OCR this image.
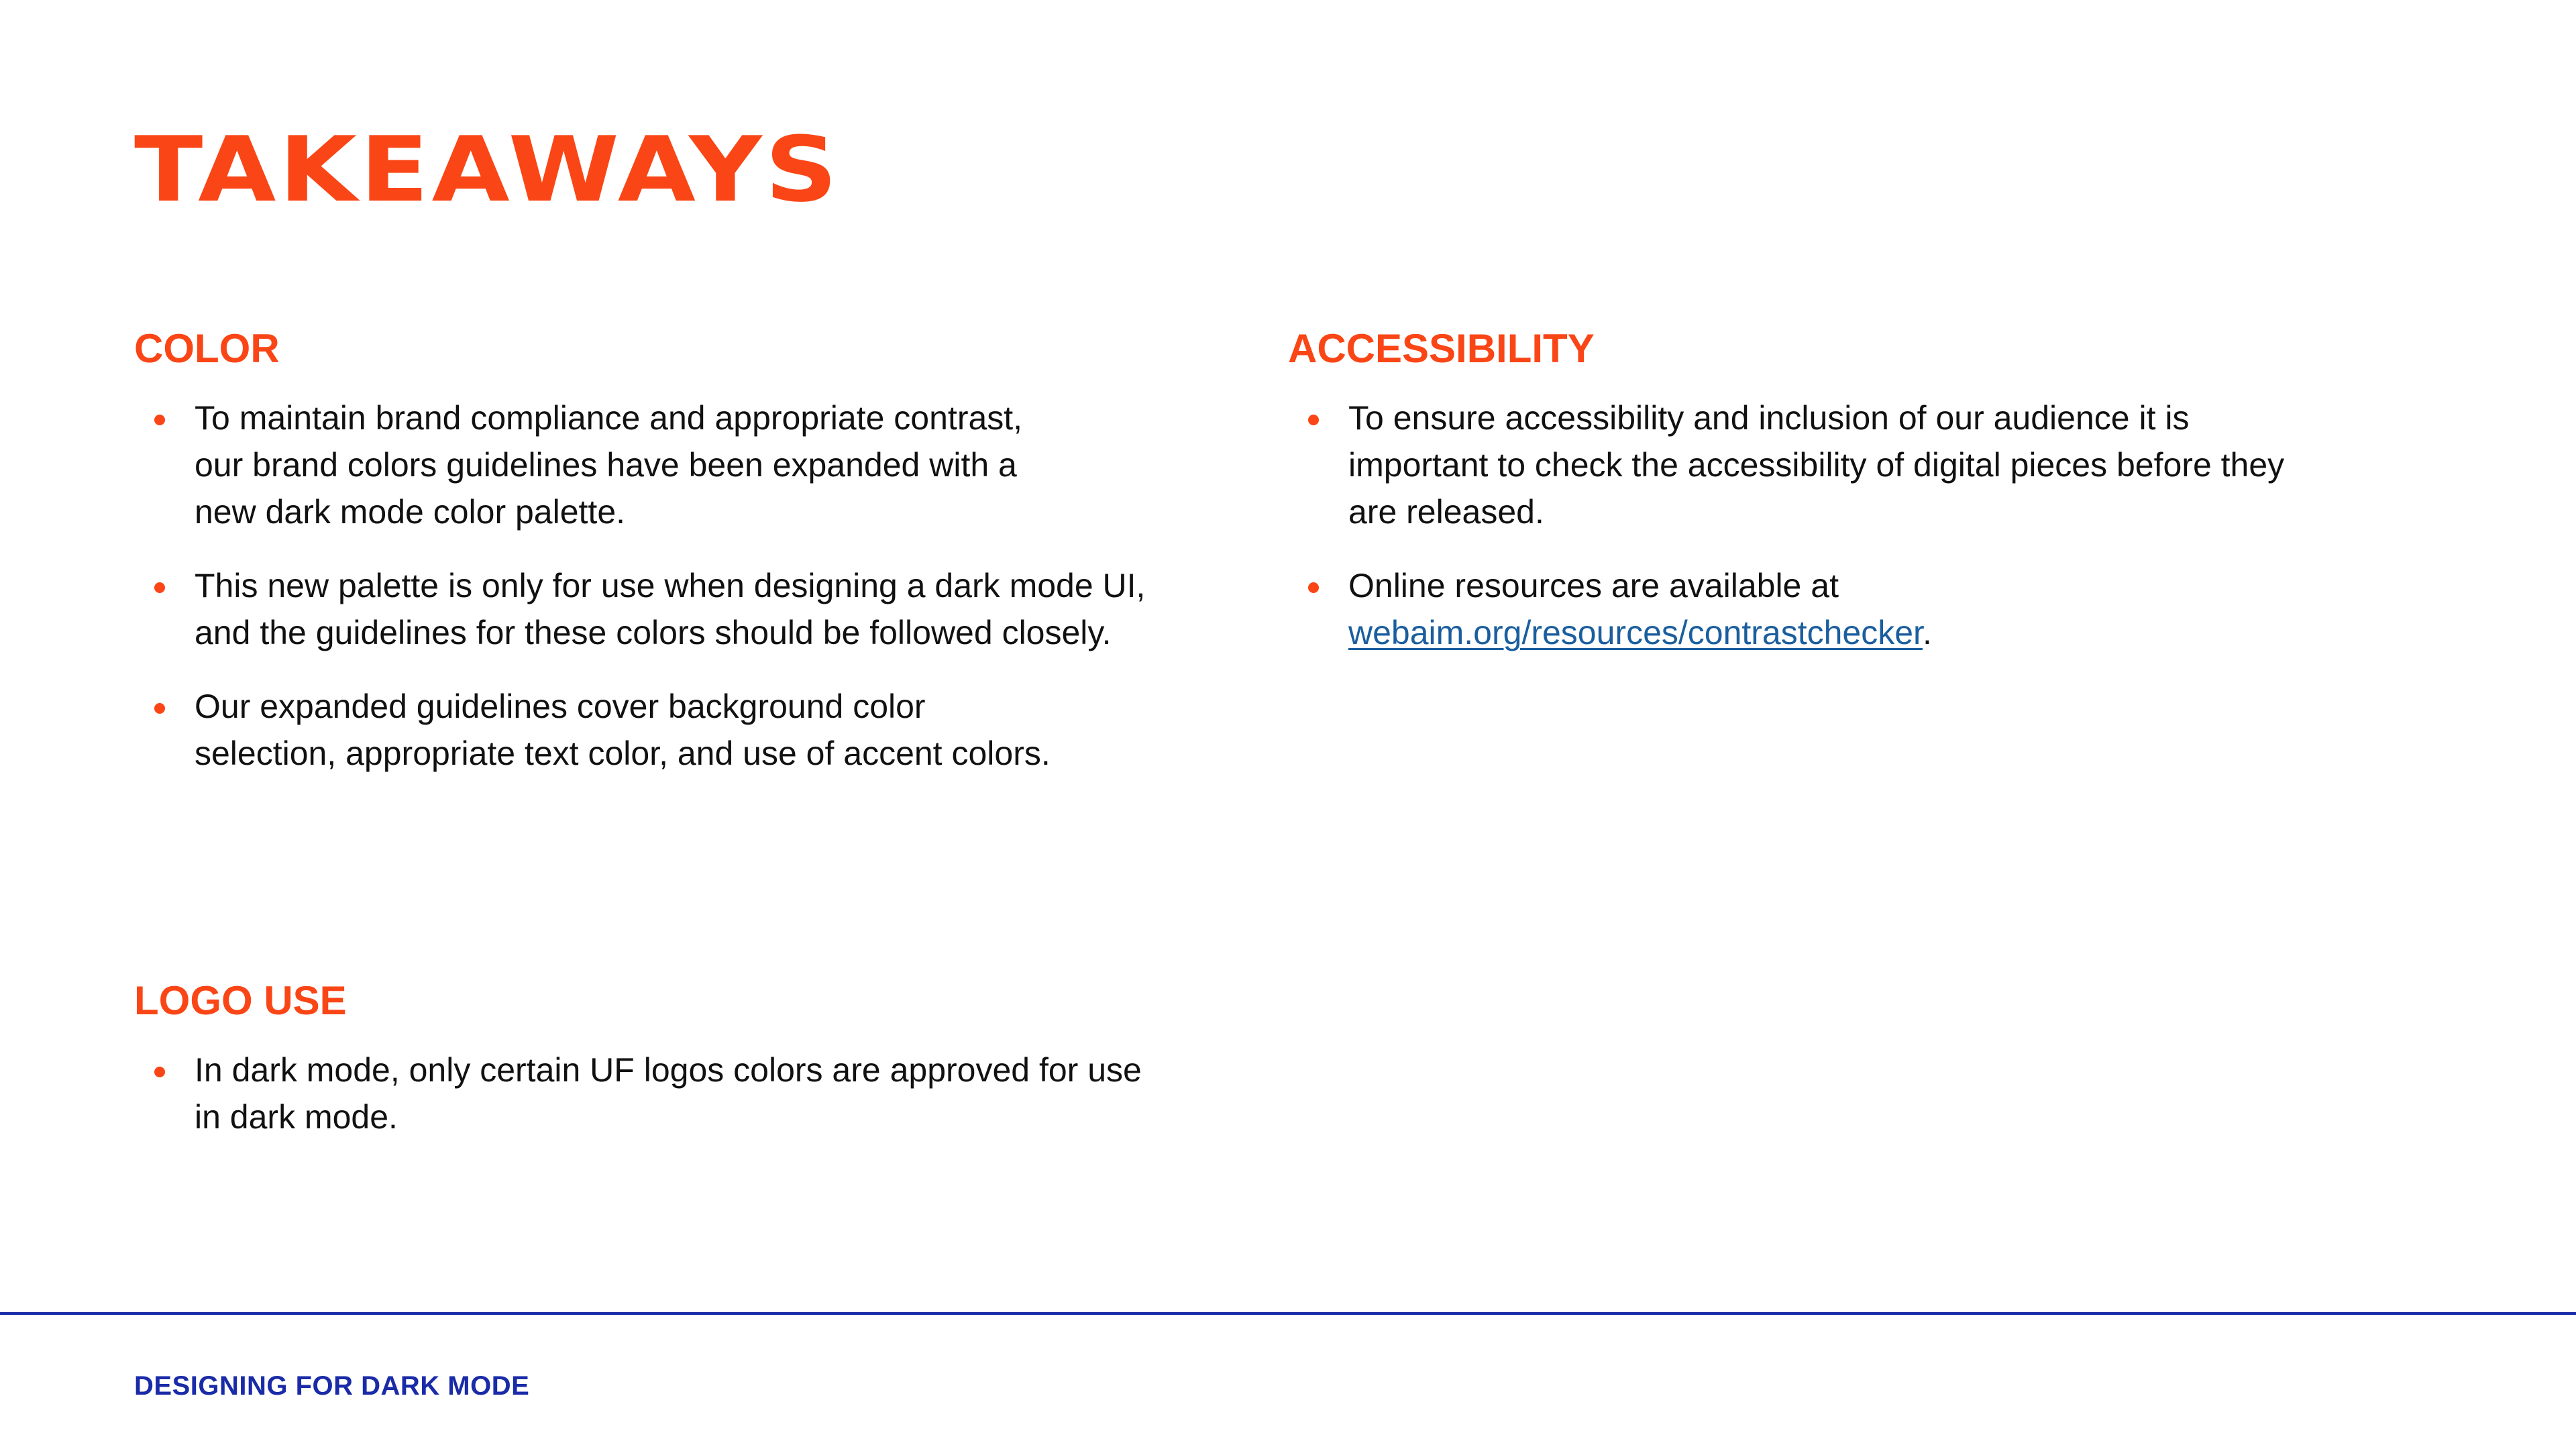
TAKEAWAYS
COLOR
To maintain brand compliance and appropriate contrast, our brand colors guidelines have been expanded with a new dark mode color palette.
This new palette is only for use when designing a dark mode UI, and the guidelines for these colors should be followed closely.
Our expanded guidelines cover background color selection, appropriate text color, and use of accent colors.
ACCESSIBILITY
To ensure accessibility and inclusion of our audience it is important to check the accessibility of digital pieces before they are released.
Online resources are available at
webaim.org/resources/contrastchecker.
LOGO USE
In dark mode, only certain UF logos colors are approved for use in dark mode.
DESIGNING FOR DARK MODE
